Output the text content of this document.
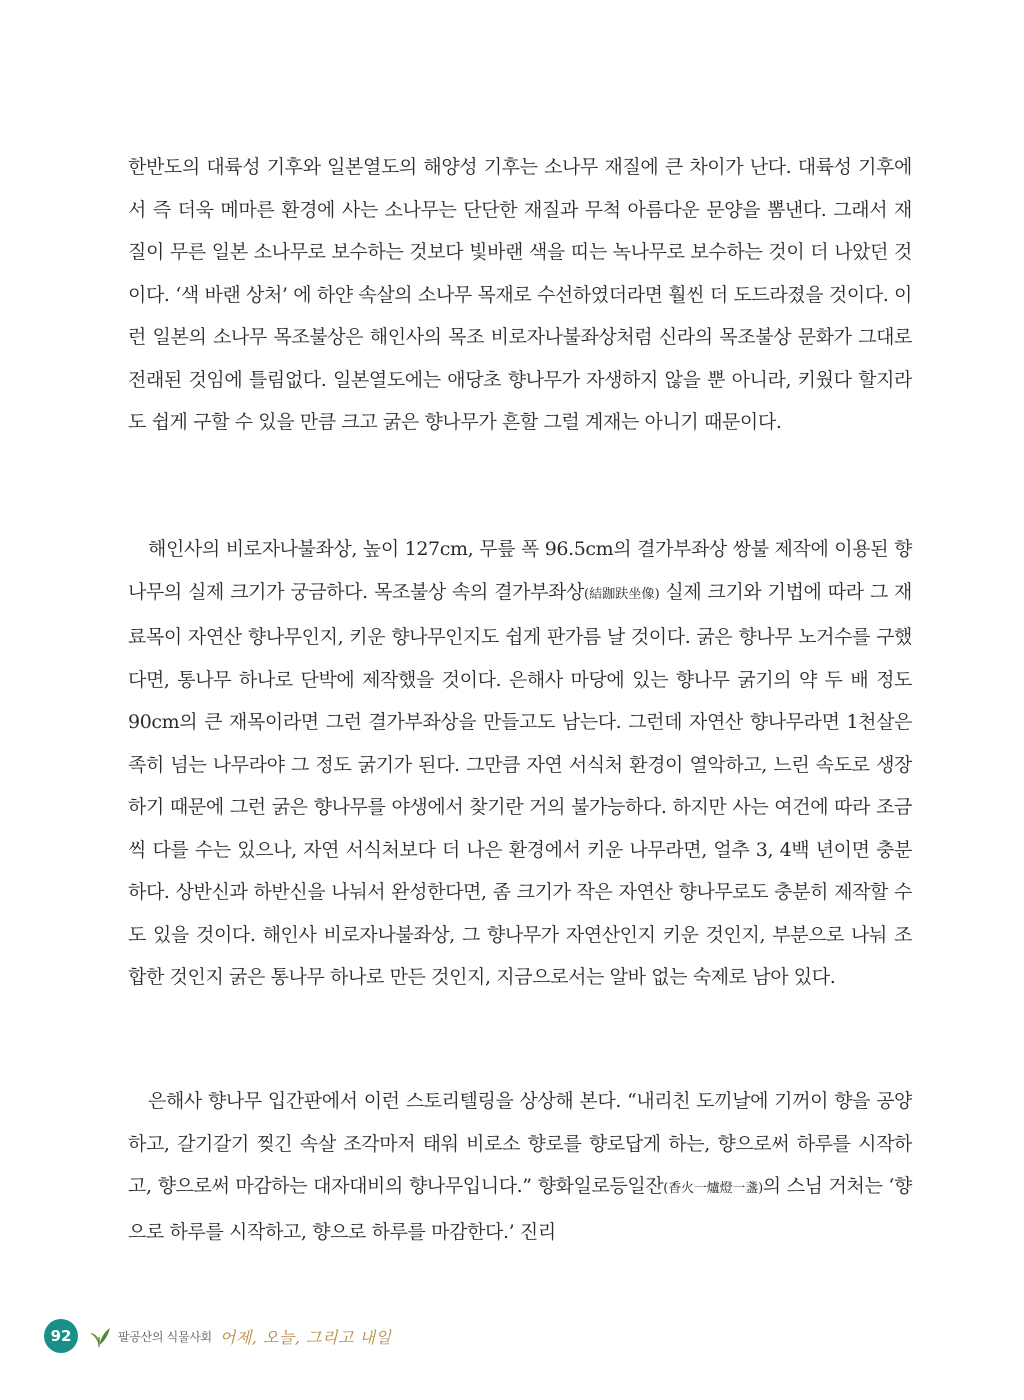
한반도의 대륙성 기후와 일본열도의 해양성 기후는 소나무 재질에 큰 차이가 난다. 대륙성 기후에서 즉 더욱 메마른 환경에 사는 소나무는 단단한 재질과 무척 아름다운 문양을 뽐낸다. 그래서 재질이 무른 일본 소나무로 보수하는 것보다 빛바랜 색을 띠는 녹나무로 보수하는 것이 더 나았던 것이다. ‘색 바랜 상처’ 에 하얀 속살의 소나무 목재로 수선하였더라면 훨씬 더 도드라졌을 것이다. 이런 일본의 소나무 목조불상은 해인사의 목조 비로자나불좌상처럼 신라의 목조불상 문화가 그대로 전래된 것임에 틀림없다. 일본열도에는 애당초 향나무가 자생하지 않을 뿐 아니라, 키웠다 할지라도 쉽게 구할 수 있을 만큼 크고 굵은 향나무가 흔할 그럴 계재는 아니기 때문이다.

해인사의 비로자나불좌상, 높이 127cm, 무릎 폭 96.5cm의 결가부좌상 쌍불 제작에 이용된 향나무의 실제 크기가 궁금하다. 목조불상 속의 결가부좌상(結跏趺坐像) 실제 크기와 기법에 따라 그 재료목이 자연산 향나무인지, 키운 향나무인지도 쉽게 판가름 날 것이다. 굵은 향나무 노거수를 구했다면, 통나무 하나로 단박에 제작했을 것이다. 은해사 마당에 있는 향나무 굵기의 약 두 배 정도 90cm의 큰 재목이라면 그런 결가부좌상을 만들고도 남는다. 그런데 자연산 향나무라면 1천살은 족히 넘는 나무라야 그 정도 굵기가 된다. 그만큼 자연 서식처 환경이 열악하고, 느린 속도로 생장하기 때문에 그런 굵은 향나무를 야생에서 찾기란 거의 불가능하다. 하지만 사는 여건에 따라 조금씩 다를 수는 있으나, 자연 서식처보다 더 나은 환경에서 키운 나무라면, 얼추 3, 4백 년이면 충분하다. 상반신과 하반신을 나눠서 완성한다면, 좀 크기가 작은 자연산 향나무로도 충분히 제작할 수도 있을 것이다. 해인사 비로자나불좌상, 그 향나무가 자연산인지 키운 것인지, 부분으로 나눠 조합한 것인지 굵은 통나무 하나로 만든 것인지, 지금으로서는 알바 없는 숙제로 남아 있다.

은해사 향나무 입간판에서 이런 스토리텔링을 상상해 본다. “내리친 도끼날에 기꺼이 향을 공양하고, 갈기갈기 찢긴 속살 조각마저 태워 비로소 향로를 향로답게 하는, 향으로써 하루를 시작하고, 향으로써 마감하는 대자대비의 향나무입니다.” 향화일로등일잔(香火一爐燈一盞)의 스님 거처는 ‘향으로 하루를 시작하고, 향으로 하루를 마감한다.’ 진리

92	팔공산의 식물사회 어제, 오늘, 그리고 내일
